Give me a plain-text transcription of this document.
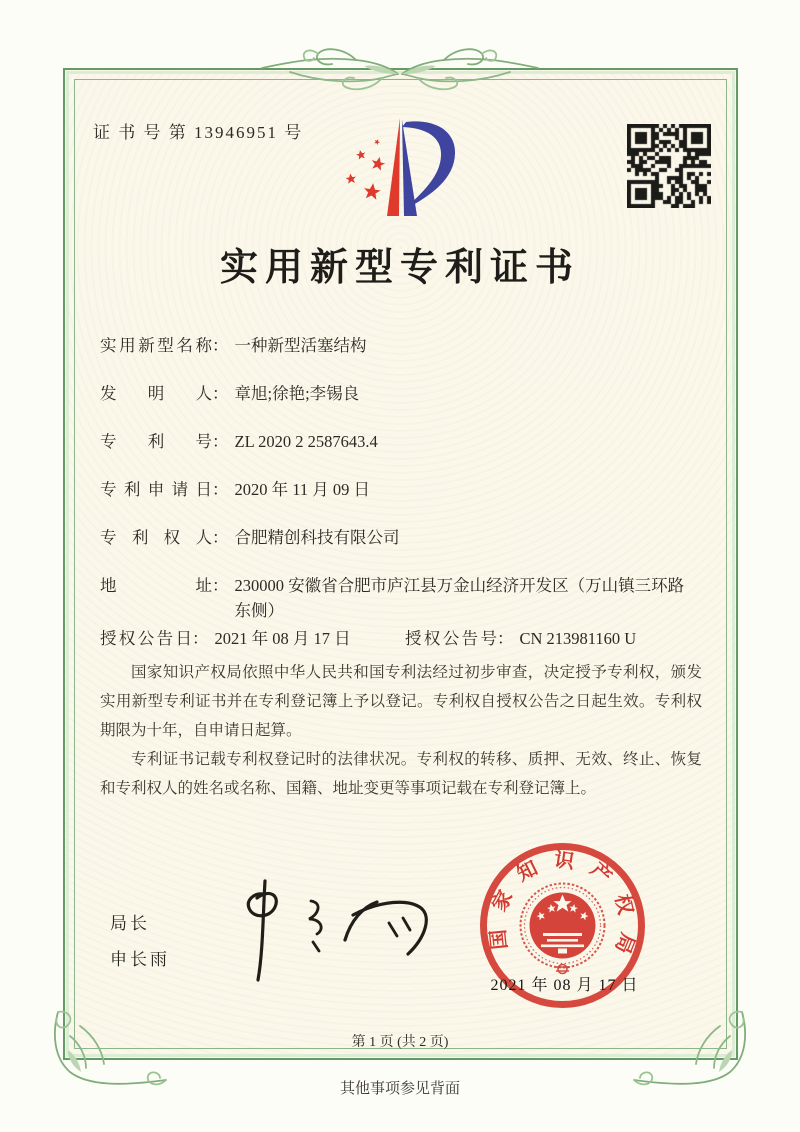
证 书 号 第 13946951 号
实用新型专利证书
实用新型名称 ： 一种新型活塞结构
发明人 ： 章旭;徐艳;李锡良
专利号 ： ZL 2020 2 2587643.4
专利申请日 ： 2020 年 11 月 09 日
专利权人 ： 合肥精创科技有限公司
地址 ： 230000 安徽省合肥市庐江县万金山经济开发区（万山镇三环路东侧）
授权公告日 ： 2021 年 08 月 17 日	授权公告号 ： CN 213981160 U

国家知识产权局依照中华人民共和国专利法经过初步审查，决定授予专利权，颁发实用新型专利证书并在专利登记簿上予以登记。专利权自授权公告之日起生效。专利权期限为十年，自申请日起算。

专利证书记载专利权登记时的法律状况。专利权的转移、质押、无效、终止、恢复和专利权人的姓名或名称、国籍、地址变更等事项记载在专利登记簿上。

局长
申长雨
国家知识产权局
2021 年 08 月 17 日
第 1 页 (共 2 页)
其他事项参见背面
